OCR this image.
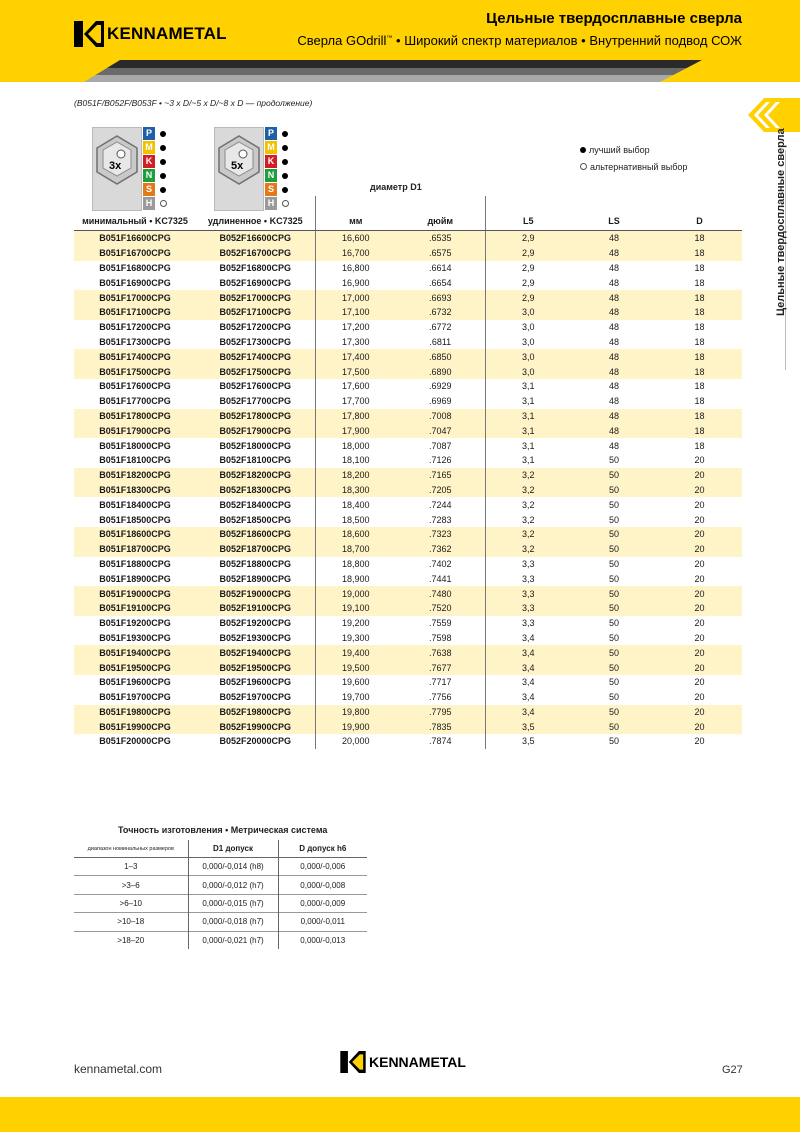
KENNAMETAL
Цельные твердосплавные сверла
Сверла GOdrill™ • Широкий спектр материалов • Внутренний подвод СОЖ
(B051F/B052F/B053F • ~3 x D/~5 x D/~8 x D — продолжение)
Цельные твердосплавные сверла
3x
P
M
K
N
S
H
5x
P
M
K
N
S
H
лучший выбор
альтернативный выбор
диаметр D1
минимальный • KC7325	удлиненное • KC7325	мм	дюйм	L5	LS	D
B051F16600CPG	B052F16600CPG	16,600	.6535	2,9	48	18
B051F16700CPG	B052F16700CPG	16,700	.6575	2,9	48	18
B051F16800CPG	B052F16800CPG	16,800	.6614	2,9	48	18
B051F16900CPG	B052F16900CPG	16,900	.6654	2,9	48	18
B051F17000CPG	B052F17000CPG	17,000	.6693	2,9	48	18
B051F17100CPG	B052F17100CPG	17,100	.6732	3,0	48	18
B051F17200CPG	B052F17200CPG	17,200	.6772	3,0	48	18
B051F17300CPG	B052F17300CPG	17,300	.6811	3,0	48	18
B051F17400CPG	B052F17400CPG	17,400	.6850	3,0	48	18
B051F17500CPG	B052F17500CPG	17,500	.6890	3,0	48	18
B051F17600CPG	B052F17600CPG	17,600	.6929	3,1	48	18
B051F17700CPG	B052F17700CPG	17,700	.6969	3,1	48	18
B051F17800CPG	B052F17800CPG	17,800	.7008	3,1	48	18
B051F17900CPG	B052F17900CPG	17,900	.7047	3,1	48	18
B051F18000CPG	B052F18000CPG	18,000	.7087	3,1	48	18
B051F18100CPG	B052F18100CPG	18,100	.7126	3,1	50	20
B051F18200CPG	B052F18200CPG	18,200	.7165	3,2	50	20
B051F18300CPG	B052F18300CPG	18,300	.7205	3,2	50	20
B051F18400CPG	B052F18400CPG	18,400	.7244	3,2	50	20
B051F18500CPG	B052F18500CPG	18,500	.7283	3,2	50	20
B051F18600CPG	B052F18600CPG	18,600	.7323	3,2	50	20
B051F18700CPG	B052F18700CPG	18,700	.7362	3,2	50	20
B051F18800CPG	B052F18800CPG	18,800	.7402	3,3	50	20
B051F18900CPG	B052F18900CPG	18,900	.7441	3,3	50	20
B051F19000CPG	B052F19000CPG	19,000	.7480	3,3	50	20
B051F19100CPG	B052F19100CPG	19,100	.7520	3,3	50	20
B051F19200CPG	B052F19200CPG	19,200	.7559	3,3	50	20
B051F19300CPG	B052F19300CPG	19,300	.7598	3,4	50	20
B051F19400CPG	B052F19400CPG	19,400	.7638	3,4	50	20
B051F19500CPG	B052F19500CPG	19,500	.7677	3,4	50	20
B051F19600CPG	B052F19600CPG	19,600	.7717	3,4	50	20
B051F19700CPG	B052F19700CPG	19,700	.7756	3,4	50	20
B051F19800CPG	B052F19800CPG	19,800	.7795	3,4	50	20
B051F19900CPG	B052F19900CPG	19,900	.7835	3,5	50	20
B051F20000CPG	B052F20000CPG	20,000	.7874	3,5	50	20
Точность изготовления • Метрическая система
диапазон номинальных размеров	D1 допуск	D допуск h6
1–3	0,000/-0,014 (h8)	0,000/-0,006
>3–6	0,000/-0,012 (h7)	0,000/-0,008
>6–10	0,000/-0,015 (h7)	0,000/-0,009
>10–18	0,000/-0,018 (h7)	0,000/-0,011
>18–20	0,000/-0,021 (h7)	0,000/-0,013
kennametal.com	KENNAMETAL	G27
